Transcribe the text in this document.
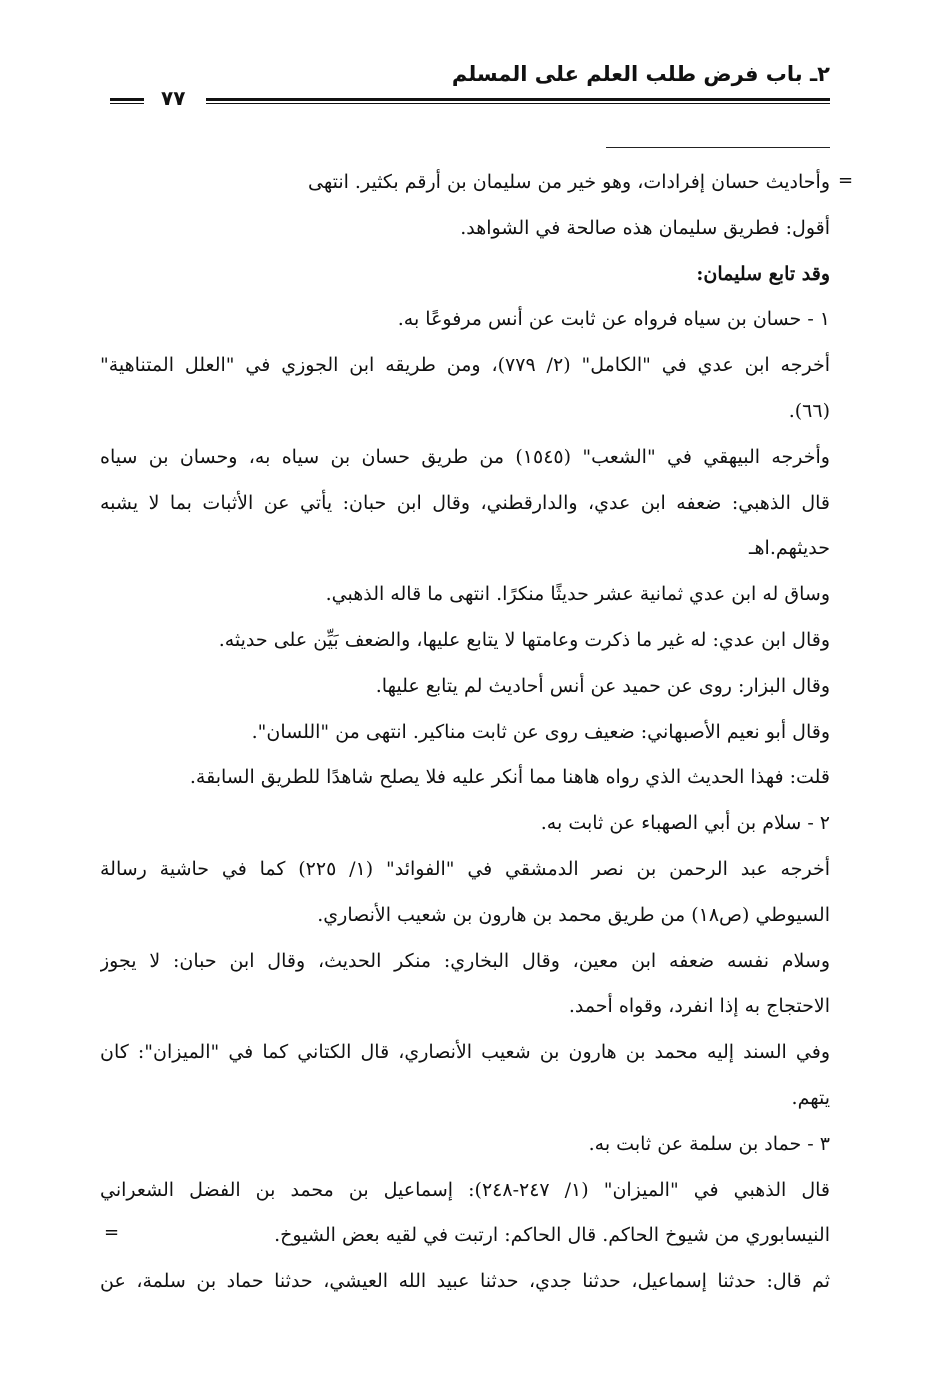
٢ـ باب فرض طلب العلم على المسلم
٧٧
=
وأحاديث حسان إفرادات، وهو خير من سليمان بن أرقم بكثير. انتهى
أقول: فطريق سليمان هذه صالحة في الشواهد.
وقد تابع سليمان:
١ - حسان بن سياه فرواه عن ثابت عن أنس مرفوعًا به.
أخرجه ابن عدي في "الكامل" (٢/ ٧٧٩)، ومن طريقه ابن الجوزي في "العلل المتناهية"
(٦٦).
وأخرجه البيهقي في "الشعب" (١٥٤٥) من طريق حسان بن سياه به، وحسان بن سياه
قال الذهبي: ضعفه ابن عدي، والدارقطني، وقال ابن حبان: يأتي عن الأثبات بما لا يشبه
حديثهم.اهـ
وساق له ابن عدي ثمانية عشر حديثًا منكرًا. انتهى ما قاله الذهبي.
وقال ابن عدي: له غير ما ذكرت وعامتها لا يتابع عليها، والضعف بَيِّن على حديثه.
وقال البزار: روى عن حميد عن أنس أحاديث لم يتابع عليها.
وقال أبو نعيم الأصبهاني: ضعيف روى عن ثابت مناكير. انتهى من "اللسان".
قلت: فهذا الحديث الذي رواه هاهنا مما أنكر عليه فلا يصلح شاهدًا للطريق السابقة.
٢ - سلام بن أبي الصهباء عن ثابت به.
أخرجه عبد الرحمن بن نصر الدمشقي في "الفوائد" (١/ ٢٢٥) كما في حاشية رسالة
السيوطي (ص١٨) من طريق محمد بن هارون بن شعيب الأنصاري.
وسلام نفسه ضعفه ابن معين، وقال البخاري: منكر الحديث، وقال ابن حبان: لا يجوز
الاحتجاج به إذا انفرد، وقواه أحمد.
وفي السند إليه محمد بن هارون بن شعيب الأنصاري، قال الكتاني كما في "الميزان": كان
يتهم.
٣ - حماد بن سلمة عن ثابت به.
قال الذهبي في "الميزان" (١/ ٢٤٧-٢٤٨): إسماعيل بن محمد بن الفضل الشعراني
النيسابوري من شيوخ الحاكم. قال الحاكم: ارتبت في لقيه بعض الشيوخ.
ثم قال: حدثنا إسماعيل، حدثنا جدي، حدثنا عبيد الله العيشي، حدثنا حماد بن سلمة، عن
=
